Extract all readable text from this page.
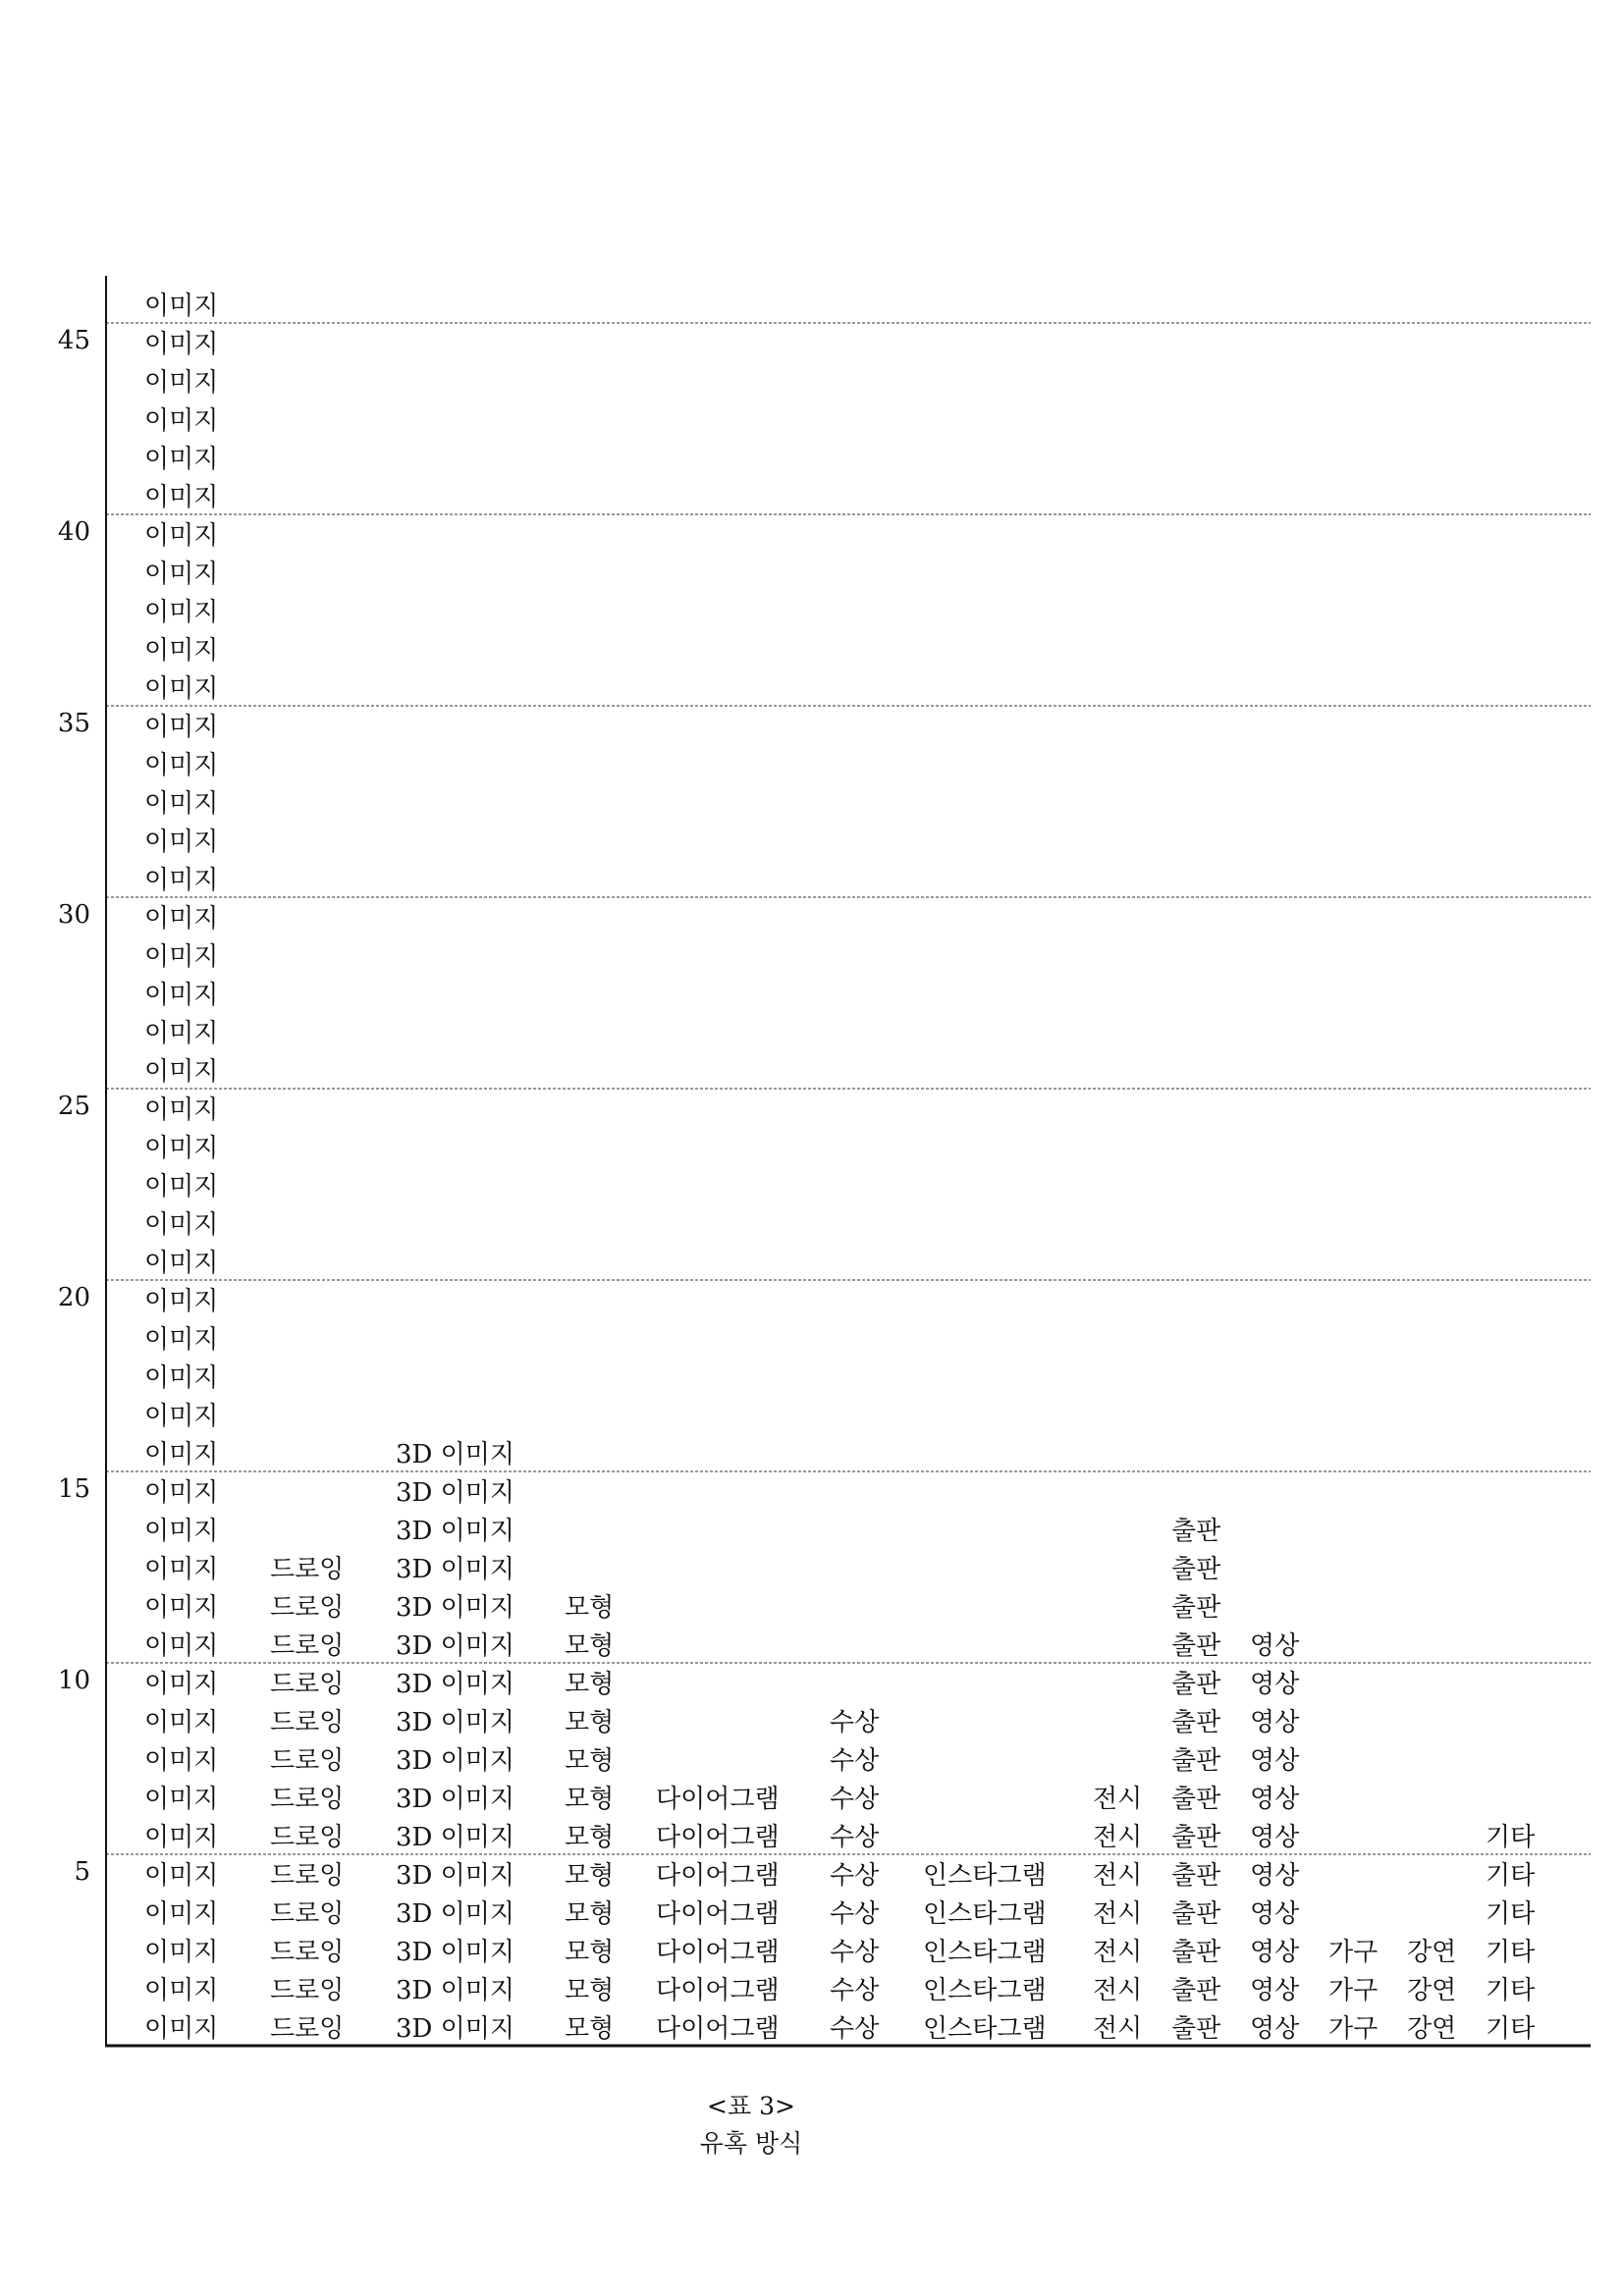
5
10
15
20
25
30
35
40
45
이미지
이미지
이미지
이미지
이미지
이미지
이미지
이미지
이미지
이미지
이미지
이미지
이미지
이미지
이미지
이미지
이미지
이미지
이미지
이미지
이미지
이미지
이미지
이미지
이미지
이미지
이미지
이미지
이미지
이미지
이미지
이미지
이미지
이미지
이미지
이미지
이미지
이미지
이미지
이미지
이미지
이미지
이미지
이미지
이미지
이미지
드로잉
드로잉
드로잉
드로잉
드로잉
드로잉
드로잉
드로잉
드로잉
드로잉
드로잉
드로잉
드로잉
3D 이미지
3D 이미지
3D 이미지
3D 이미지
3D 이미지
3D 이미지
3D 이미지
3D 이미지
3D 이미지
3D 이미지
3D 이미지
3D 이미지
3D 이미지
3D 이미지
3D 이미지
3D 이미지
모형
모형
모형
모형
모형
모형
모형
모형
모형
모형
모형
모형
다이어그램
다이어그램
다이어그램
다이어그램
다이어그램
다이어그램
다이어그램
수상
수상
수상
수상
수상
수상
수상
수상
수상
인스타그램
인스타그램
인스타그램
인스타그램
인스타그램
전시
전시
전시
전시
전시
전시
전시
출판
출판
출판
출판
출판
출판
출판
출판
출판
출판
출판
출판
출판
출판
영상
영상
영상
영상
영상
영상
영상
영상
영상
영상
영상
가구
가구
가구
강연
강연
강연
기타
기타
기타
기타
기타
기타
<표 3>
유혹 방식
